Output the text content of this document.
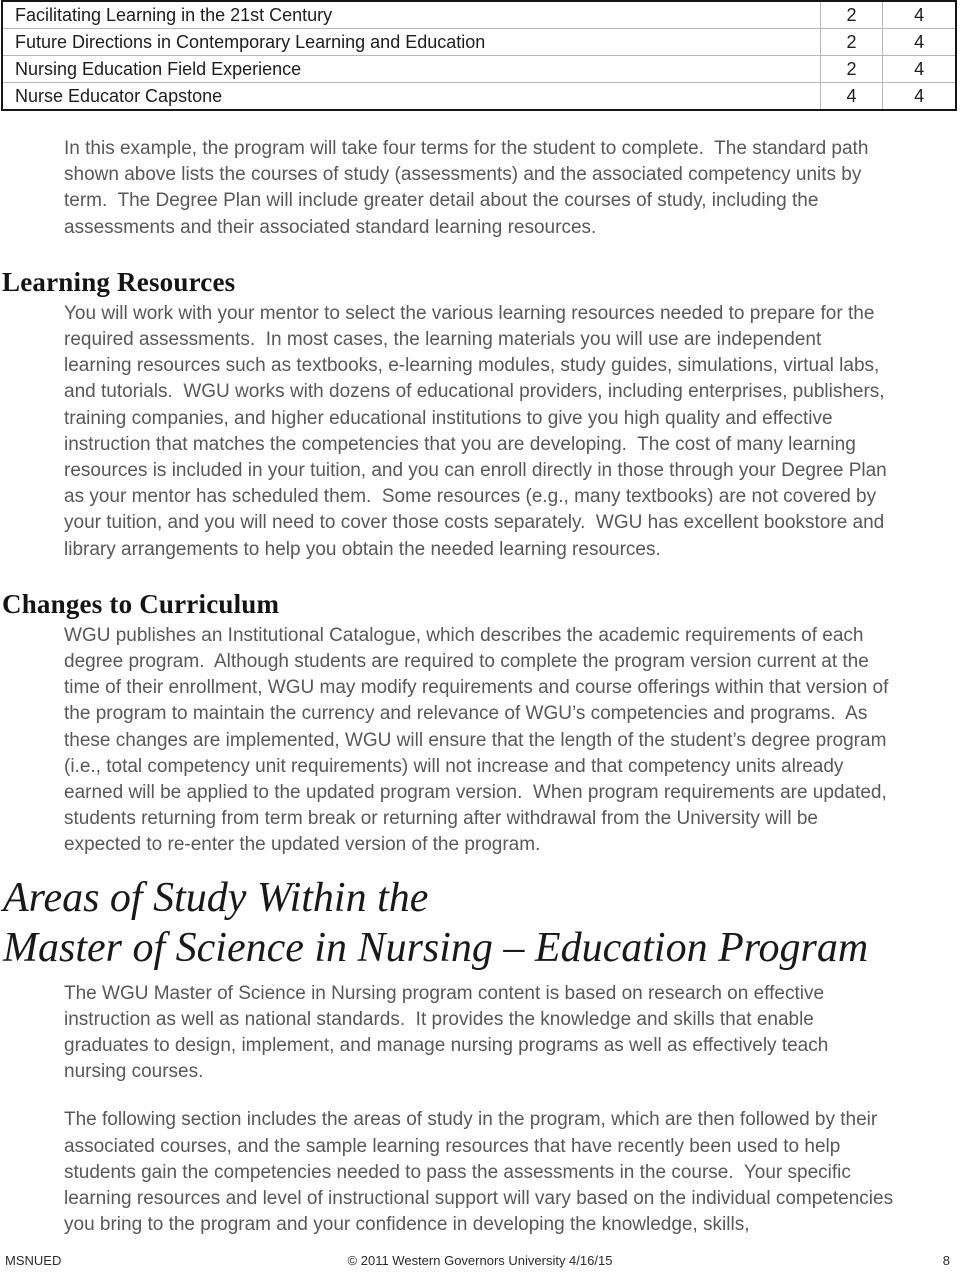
Facilitating Learning in the 21st Century	2	4
Future Directions in Contemporary Learning and Education	2	4
Nursing Education Field Experience	2	4
Nurse Educator Capstone	4	4

In this example, the program will take four terms for the student to complete.  The standard path shown above lists the courses of study (assessments) and the associated competency units by term.  The Degree Plan will include greater detail about the courses of study, including the assessments and their associated standard learning resources.

Learning Resources

You will work with your mentor to select the various learning resources needed to prepare for the required assessments.  In most cases, the learning materials you will use are independent learning resources such as textbooks, e-learning modules, study guides, simulations, virtual labs, and tutorials.  WGU works with dozens of educational providers, including enterprises, publishers, training companies, and higher educational institutions to give you high quality and effective instruction that matches the competencies that you are developing.  The cost of many learning resources is included in your tuition, and you can enroll directly in those through your Degree Plan as your mentor has scheduled them.  Some resources (e.g., many textbooks) are not covered by your tuition, and you will need to cover those costs separately.  WGU has excellent bookstore and library arrangements to help you obtain the needed learning resources.

Changes to Curriculum

WGU publishes an Institutional Catalogue, which describes the academic requirements of each degree program.  Although students are required to complete the program version current at the time of their enrollment, WGU may modify requirements and course offerings within that version of the program to maintain the currency and relevance of WGU’s competencies and programs.  As these changes are implemented, WGU will ensure that the length of the student’s degree program (i.e., total competency unit requirements) will not increase and that competency units already earned will be applied to the updated program version.  When program requirements are updated, students returning from term break or returning after withdrawal from the University will be expected to re-enter the updated version of the program.

Areas of Study Within the
Master of Science in Nursing – Education Program

The WGU Master of Science in Nursing program content is based on research on effective instruction as well as national standards.  It provides the knowledge and skills that enable graduates to design, implement, and manage nursing programs as well as effectively teach nursing courses.

The following section includes the areas of study in the program, which are then followed by their associated courses, and the sample learning resources that have recently been used to help students gain the competencies needed to pass the assessments in the course.  Your specific learning resources and level of instructional support will vary based on the individual competencies you bring to the program and your confidence in developing the knowledge, skills,

MSNUED	© 2011 Western Governors University 4/16/15	8
